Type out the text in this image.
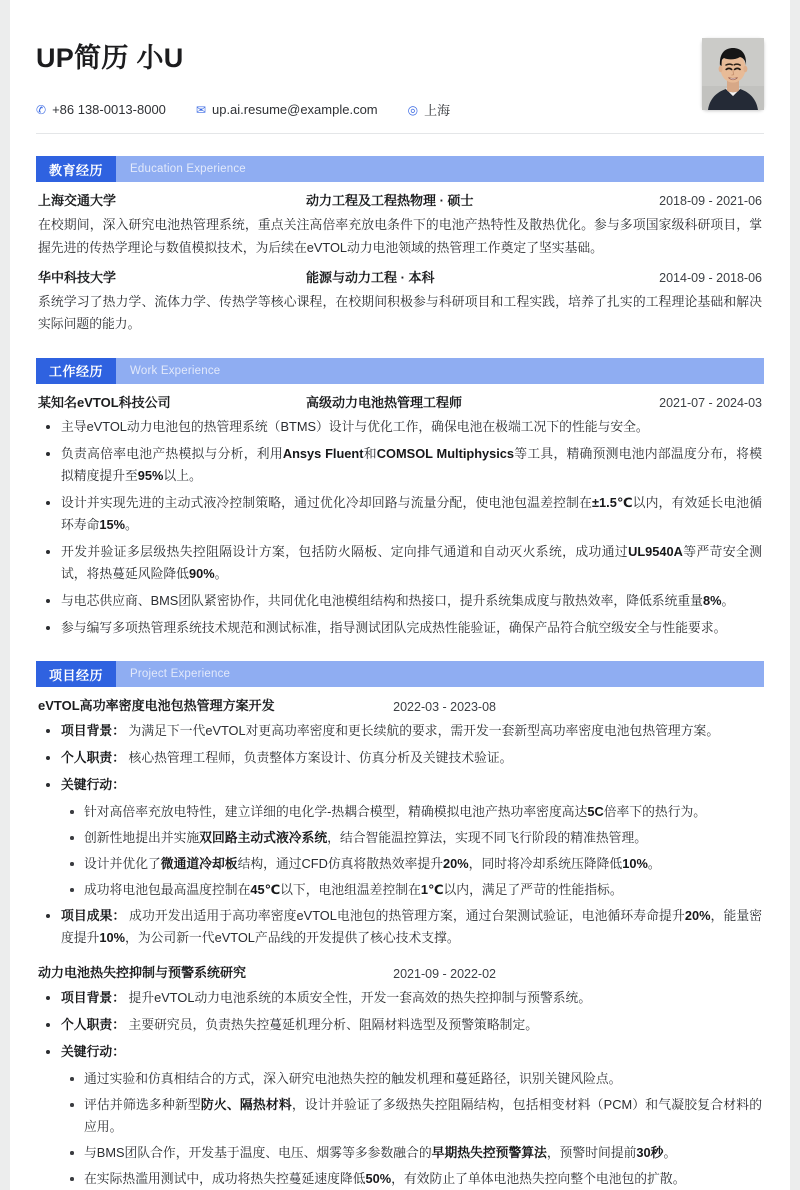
UP简历 小U
✆ +86 138-0013-8000	✉ up.ai.resume@example.com	◎ 上海
教育经历	Education Experience
上海交通大学	动力工程及工程热物理 · 硕士	2018-09 - 2021-06
在校期间，深入研究电池热管理系统，重点关注高倍率充放电条件下的电池产热特性及散热优化。参与多项国家级科研项目，掌握先进的传热学理论与数值模拟技术，为后续在eVTOL动力电池领域的热管理工作奠定了坚实基础。
华中科技大学	能源与动力工程 · 本科	2014-09 - 2018-06
系统学习了热力学、流体力学、传热学等核心课程，在校期间积极参与科研项目和工程实践，培养了扎实的工程理论基础和解决实际问题的能力。
工作经历	Work Experience
某知名eVTOL科技公司	高级动力电池热管理工程师	2021-07 - 2024-03
主导eVTOL动力电池包的热管理系统（BTMS）设计与优化工作，确保电池在极端工况下的性能与安全。
负责高倍率电池产热模拟与分析，利用Ansys Fluent和COMSOL Multiphysics等工具，精确预测电池内部温度分布，将模拟精度提升至95%以上。
设计并实现先进的主动式液冷控制策略，通过优化冷却回路与流量分配，使电池包温差控制在±1.5℃以内，有效延长电池循环寿命15%。
开发并验证多层级热失控阻隔设计方案，包括防火隔板、定向排气通道和自动灭火系统，成功通过UL9540A等严苛安全测试，将热蔓延风险降低90%。
与电芯供应商、BMS团队紧密协作，共同优化电池模组结构和热接口，提升系统集成度与散热效率，降低系统重量8%。
参与编写多项热管理系统技术规范和测试标准，指导测试团队完成热性能验证，确保产品符合航空级安全与性能要求。
项目经历	Project Experience
eVTOL高功率密度电池包热管理方案开发	2022-03 - 2023-08
项目背景： 为满足下一代eVTOL对更高功率密度和更长续航的要求，需开发一套新型高功率密度电池包热管理方案。
个人职责： 核心热管理工程师，负责整体方案设计、仿真分析及关键技术验证。
关键行动：
针对高倍率充放电特性，建立详细的电化学-热耦合模型，精确模拟电池产热功率密度高达5C倍率下的热行为。
创新性地提出并实施双回路主动式液冷系统，结合智能温控算法，实现不同飞行阶段的精准热管理。
设计并优化了微通道冷却板结构，通过CFD仿真将散热效率提升20%，同时将冷却系统压降降低10%。
成功将电池包最高温度控制在45℃以下，电池组温差控制在1℃以内，满足了严苛的性能指标。
项目成果： 成功开发出适用于高功率密度eVTOL电池包的热管理方案，通过台架测试验证，电池循环寿命提升20%，能量密度提升10%，为公司新一代eVTOL产品线的开发提供了核心技术支撑。
动力电池热失控抑制与预警系统研究	2021-09 - 2022-02
项目背景： 提升eVTOL动力电池系统的本质安全性，开发一套高效的热失控抑制与预警系统。
个人职责： 主要研究员，负责热失控蔓延机理分析、阻隔材料选型及预警策略制定。
关键行动：
通过实验和仿真相结合的方式，深入研究电池热失控的触发机理和蔓延路径，识别关键风险点。
评估并筛选多种新型防火、隔热材料，设计并验证了多级热失控阻隔结构，包括相变材料（PCM）和气凝胶复合材料的应用。
与BMS团队合作，开发基于温度、电压、烟雾等多参数融合的早期热失控预警算法，预警时间提前30秒。
在实际热滥用测试中，成功将热失控蔓延速度降低50%，有效防止了单体电池热失控向整个电池包的扩散。
